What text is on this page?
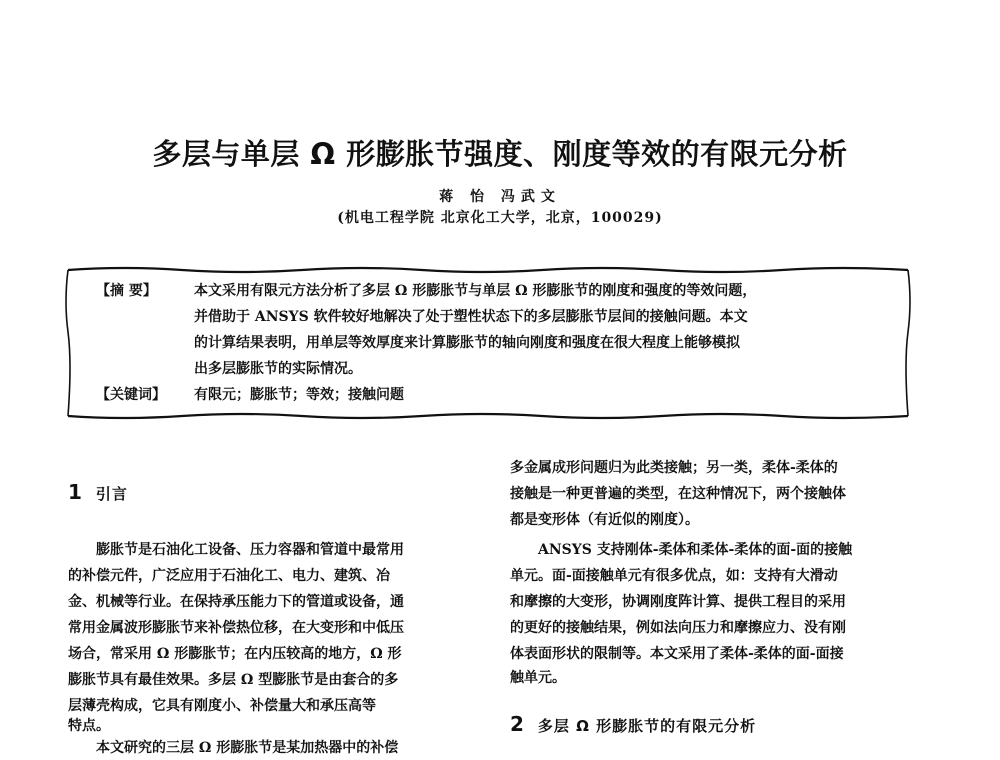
多层与单层 Ω 形膨胀节强度、刚度等效的有限元分析
蒋 怡 冯武文
(机电工程学院 北京化工大学，北京，100029)
【摘 要】	本文采用有限元方法分析了多层 Ω 形膨胀节与单层 Ω 形膨胀节的刚度和强度的等效问题，
并借助于 ANSYS 软件较好地解决了处于塑性状态下的多层膨胀节层间的接触问题。本文
的计算结果表明，用单层等效厚度来计算膨胀节的轴向刚度和强度在很大程度上能够模拟
出多层膨胀节的实际情况。
【关键词】 有限元；膨胀节；等效；接触问题
1 引言
膨胀节是石油化工设备、压力容器和管道中最常用
的补偿元件，广泛应用于石油化工、电力、建筑、冶
金、机械等行业。在保持承压能力下的管道或设备，通
常用金属波形膨胀节来补偿热位移，在大变形和中低压
场合，常采用 Ω 形膨胀节；在内压较高的地方，Ω 形
膨胀节具有最佳效果。多层 Ω 型膨胀节是由套合的多
层薄壳构成，它具有刚度小、补偿量大和承压高等
特点。
本文研究的三层 Ω 形膨胀节是某加热器中的补偿
多金属成形问题归为此类接触；另一类，柔体-柔体的
接触是一种更普遍的类型，在这种情况下，两个接触体
都是变形体（有近似的刚度）。
ANSYS 支持刚体-柔体和柔体-柔体的面-面的接触
单元。面-面接触单元有很多优点，如：支持有大滑动
和摩擦的大变形，协调刚度阵计算、提供工程目的采用
的更好的接触结果，例如法向压力和摩擦应力、没有刚
体表面形状的限制等。本文采用了柔体-柔体的面-面接
触单元。
2 多层 Ω 形膨胀节的有限元分析
